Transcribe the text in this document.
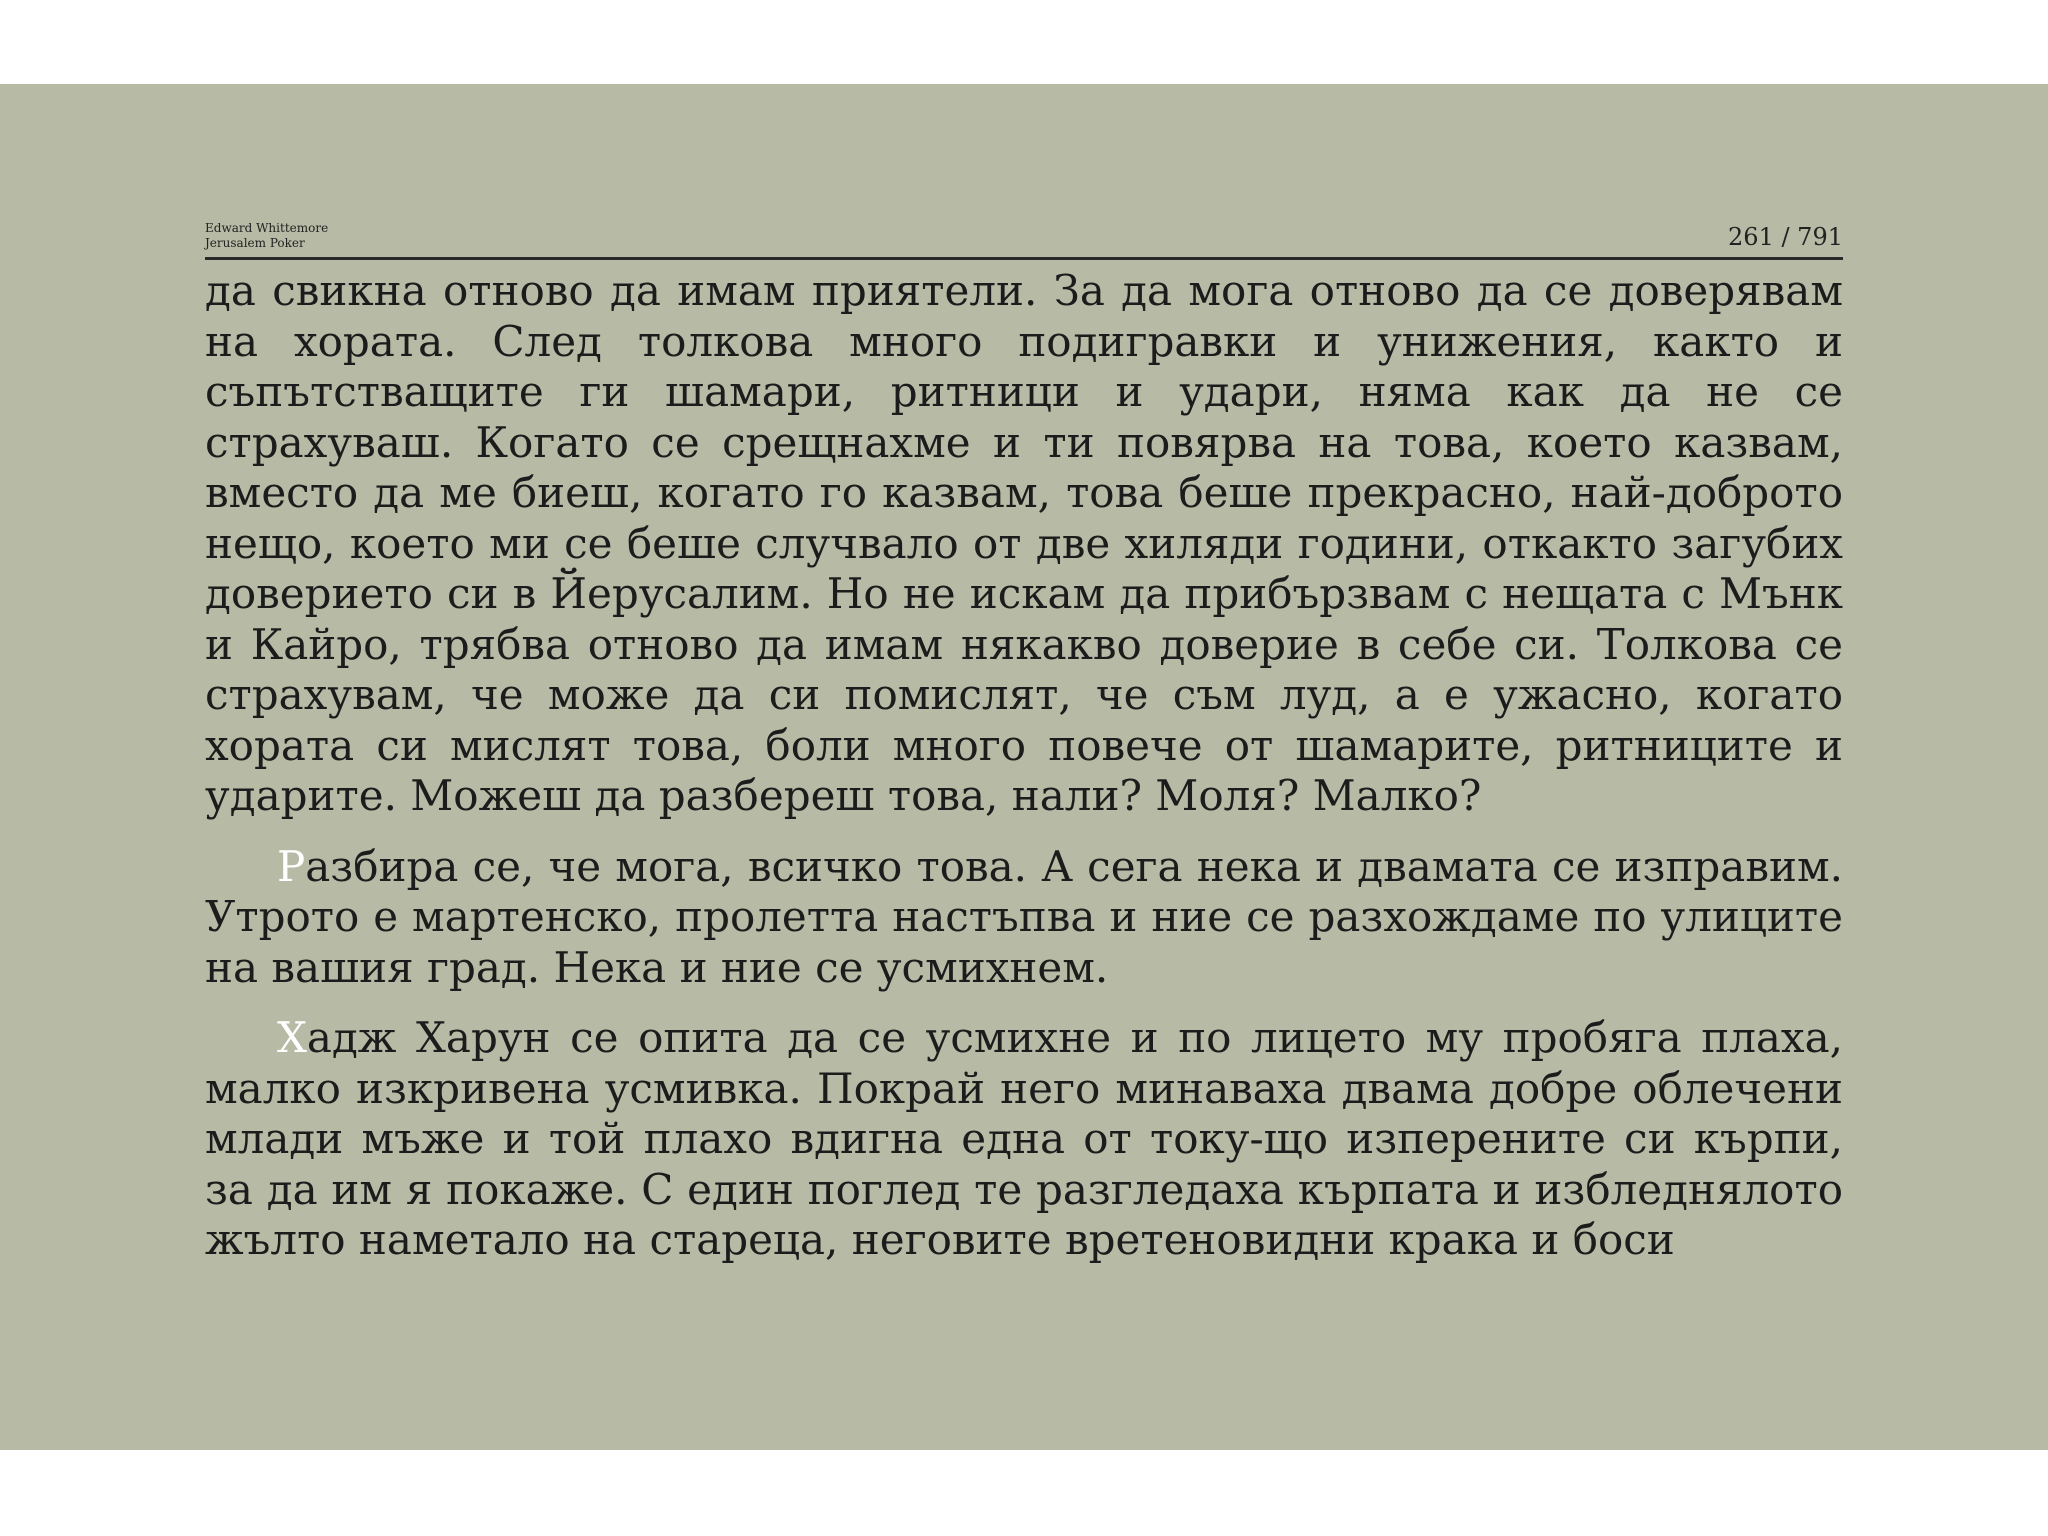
Edward Whittemore
Jerusalem Poker	261 / 791

да свикна отново да имам приятели. За да мога отново да се доверявам на хората. След толкова много подигравки и унижения, както и съпътстващите ги шамари, ритници и удари, няма как да не се страхуваш. Когато се срещнахме и ти повярва на това, което казвам, вместо да ме биеш, когато го казвам, това беше прекрасно, най-доброто нещо, което ми се беше случвало от две хиляди години, откакто загубих доверието си в Йерусалим. Но не искам да прибързвам с нещата с Мънк и Кайро, трябва отново да имам някакво доверие в себе си. Толкова се страхувам, че може да си помислят, че съм луд, а е ужасно, когато хората си мислят това, боли много повече от шамарите, ритниците и ударите. Можеш да разбереш това, нали? Моля? Малко?

Разбира се, че мога, всичко това. А сега нека и двамата се изправим. Утрото е мартенско, пролетта настъпва и ние се разхождаме по улиците на вашия град. Нека и ние се усмихнем.

Хадж Харун се опита да се усмихне и по лицето му пробяга плаха, малко изкривена усмивка. Покрай него минаваха двама добре облечени млади мъже и той плахо вдигна една от току-що изперените си кърпи, за да им я покаже. С един поглед те разгледаха кърпата и избледнялото жълто наметало на стареца, неговите вретеновидни крака и боси
